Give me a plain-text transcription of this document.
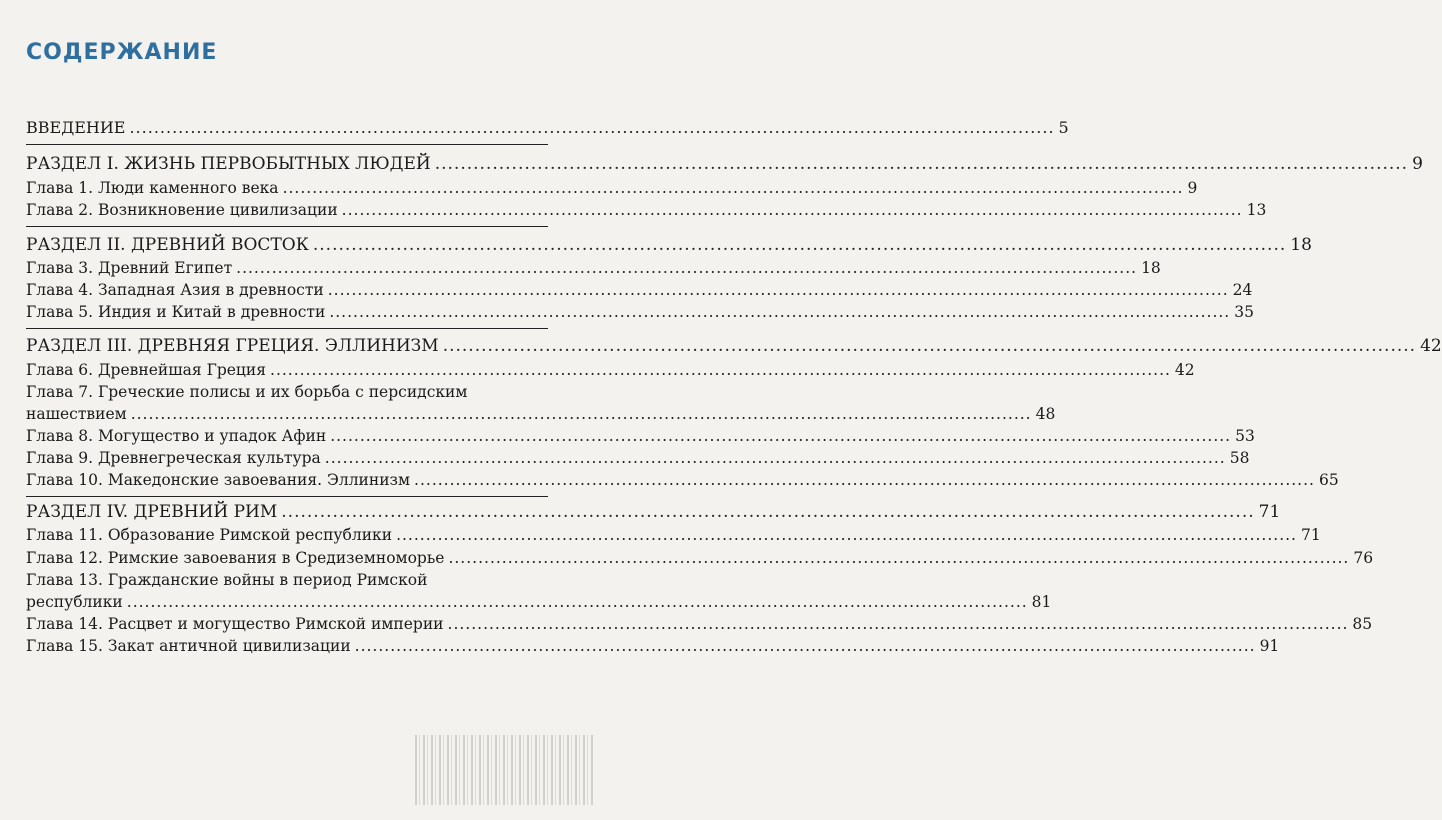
СОДЕРЖАНИЕ
ВВЕДЕНИЕ .....	5
РАЗДЕЛ I. ЖИЗНЬ ПЕРВОБЫТНЫХ ЛЮДЕЙ .....	9
Глава 1. Люди каменного века .....	9
Глава 2. Возникновение цивилизации .....	13
РАЗДЕЛ II. ДРЕВНИЙ ВОСТОК .....	18
Глава 3. Древний Египет .....	18
Глава 4. Западная Азия в древности .....	24
Глава 5. Индия и Китай в древности .....	35
РАЗДЕЛ III. ДРЕВНЯЯ ГРЕЦИЯ. ЭЛЛИНИЗМ .....	42
Глава 6. Древнейшая Греция .....	42
Глава 7. Греческие полисы и их борьба с персидским
нашествием .....	48
Глава 8. Могущество и упадок Афин .....	53
Глава 9. Древнегреческая культура .....	58
Глава 10. Македонские завоевания. Эллинизм .....	65
РАЗДЕЛ IV. ДРЕВНИЙ РИМ .....	71
Глава 11. Образование Римской республики .....	71
Глава 12. Римские завоевания в Средиземноморье .....	76
Глава 13. Гражданские войны в период Римской
республики .....	81
Глава 14. Расцвет и могущество Римской империи .....	85
Глава 15. Закат античной цивилизации .....	91
